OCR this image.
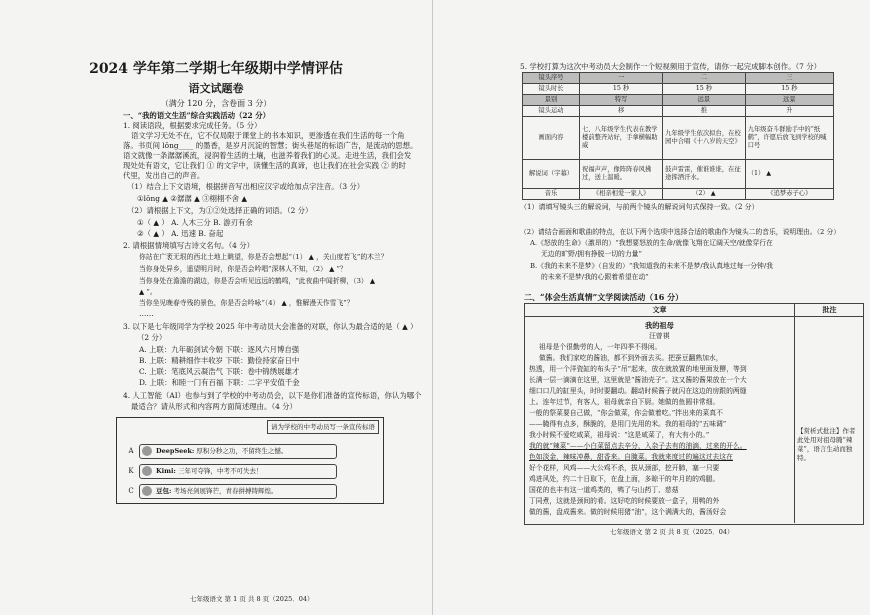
2024 学年第二学期七年级期中学情评估
语文试题卷
（满分 120 分，含卷面 3 分）
一、“我的语文生活”综合实践活动（22 分）
1. 阅读语段，根据要求完成任务。（5 分）
语文学习无处不在，它不仅局限于课堂上的书本知识，更渗透在我们生活的每一个角
落。书页间 lǒng____ 的墨香，是岁月沉淀的智慧；街头巷尾的标语广告，是流动的思想。
语文就像一条潺潺溪流，浸润着生活的土壤，也滋养着我们的心灵。走进生活，我们会发
现处处有语文，它让我们 ① 的文字中，读懂生活的真谛，也让我们在社会实践 ② 的时
代里，发出自己的声音。
（1）结合上下文语境，根据拼音写出相应汉字或给加点字注音。（3 分）
①lǒng ▲ ②潺潺 ▲ ③栩栩不舍 ▲
（2）请根据上下文，为①②处选择正确的词语。（2 分）
①（ ▲ ） A. 人木三分 B. 游刃有余
②（ ▲ ） A. 迅速 B. 奋起
2. 请根据情境填写古诗文名句。（4 分）
你站在广袤无垠的西北土地上眺望，你是否会想起“（1） ▲ ，关山度若飞”的木兰？
当你身处异乡，遥望明月时，你是否会吟唱“深林人不知，（2） ▲ ”？
当你身处在澹澹的湖边，你是否会听见远远的鹤鸣，“此夜曲中闻折柳，（3） ▲
▲ ”。
当你坐见晚春寺残的景色，你是否会吟咏“（4） ▲ ，惟解漫天作雪飞”？
……
3. 以下是七年级同学为学校 2025 年中考动员大会准备的对联，你认为最合适的是（ ▲ ）
（2 分）
A. 上联：九年砺剑试今朝 下联：逐风六月博自强
B. 上联：精耕细作丰收岁 下联：勤俭持家奋日中
C. 上联：笔底风云凝浩气 下联：卷中锦绣展雄才
D. 上联：和睦一门有百福 下联：二字平安值千金
4. 人工智能（AI）也参与到了学校的中考动员会，以下是你们准备的宣传标语，你认为哪个
最适合？请从形式和内容两方面简述理由。（4 分）
请为学校的中考动员写一条宣传标语
A	DeepSeek: 厚积分秒之功，不留终生之憾。
K	Kimi: 三年可夺锋，中考不可失去！
C	豆包: 考场亮剑展锋芒，青春拼搏铸辉煌。
七年级语文 第 1 页 共 8 页（2025．04）
5. 学校打算为这次中考动员大会制作一个短视频用于宣传，请你一起完成脚本创作。（7 分）
镜头序号	一	二	三
镜头时长	15 秒	15 秒	15 秒
景别	特写	远景	远景
镜头运动	移	推	升
画面内容	七、八年级学生代表在教学楼前整齐站好，手拿横幅助威	九年级学生依次拟台，在校园中合唱《十八岁的天空》	九年级奋斗群励手中的“纸鹤”，许愿后放飞到学校的喊口号
解说词（字幕）	祝福声声，像阵阵春风拂过，送上温暖。	鼓声雷雷，催谁谁谁，在征途挥洒汗水。	（1） ▲
音乐	《相亲相爱一家人》	（2） ▲	《追梦赤子心》
（1）请填写镜头三的解说词，与前两个镜头的解说词句式保持一致。（2 分）
（2）请结合画面和歌曲的特点，在以下两个选项中选择合适的歌曲作为镜头二的音乐，说明理由。（2 分）
A.《怒放的生命》（激昂的）“我想要怒放的生命/就像飞翔在辽阔天空/就像穿行在
无边的旷野/拥有挣脱一切的力量”
B.《我的未来不是梦》（自发的）“我知道我的未来不是梦/我认真地过每一分钟/我
的未来不是梦/我的心跟着希望在动”
二、“体会生活真情”文学阅读活动（16 分）
文章	批注
我的祖母
汪曾祺
祖母是个很勤劳的人，一年四季不得闲。
做酱。我们家吃的酱油，都不到外面去买。把蚕豆翻熟加水，
热透，用一个洋瓷缸的布头子“吊”起来，放在就放置的地里面发酵，等到
长满一层一滴滴在这里，这里就是“酱油壳子”。这又酱的酱果放在一个大
细口口几的缸里头，时时要翻动。翻动时候酱子就闪在这边的房跟的两缝
上。连年过节，有客人，祖母就亲自下厨。她做的鱼圆非常细。
一般的祭菜要自己做，“你会做菜，你会做着吃。”拌出来的菜真不
——腌得有点多，酥脆的，是用门先用的米。我的祖母的“五味调”
我小时候不爱吃咸菜，祖母说：“这是咸菜了，有大有小的。”
我的就“辣菜”——小白菜留点去辛分，入杂子去有的油滴，过来的开么。
色如淡金，辣味冲鼻，甜香来。自腌菜。我就来度过的遍这过去这在
好个花样，风鸡——大公鸡不杀，拔从颈部，挖开肺，塞一只要
鸡进风处，约二十日取下，在盘上面，多晾干的年月的的鸡腿。
国花的也丰有这一道鸡类的，鸭了与山药丁、慈菇
丁同煮，这就是颈间的肴。这好吃的时候要放一盒子，用鸭的外
做的酱，盘成酱来。做的时候用猪“油”，这个满满大的，酱汤好会
【赏析式批注】作者此处用对祖母腌“辣菜”，语言生动而独特。
七年级语文 第 2 页 共 8 页（2025．04）
